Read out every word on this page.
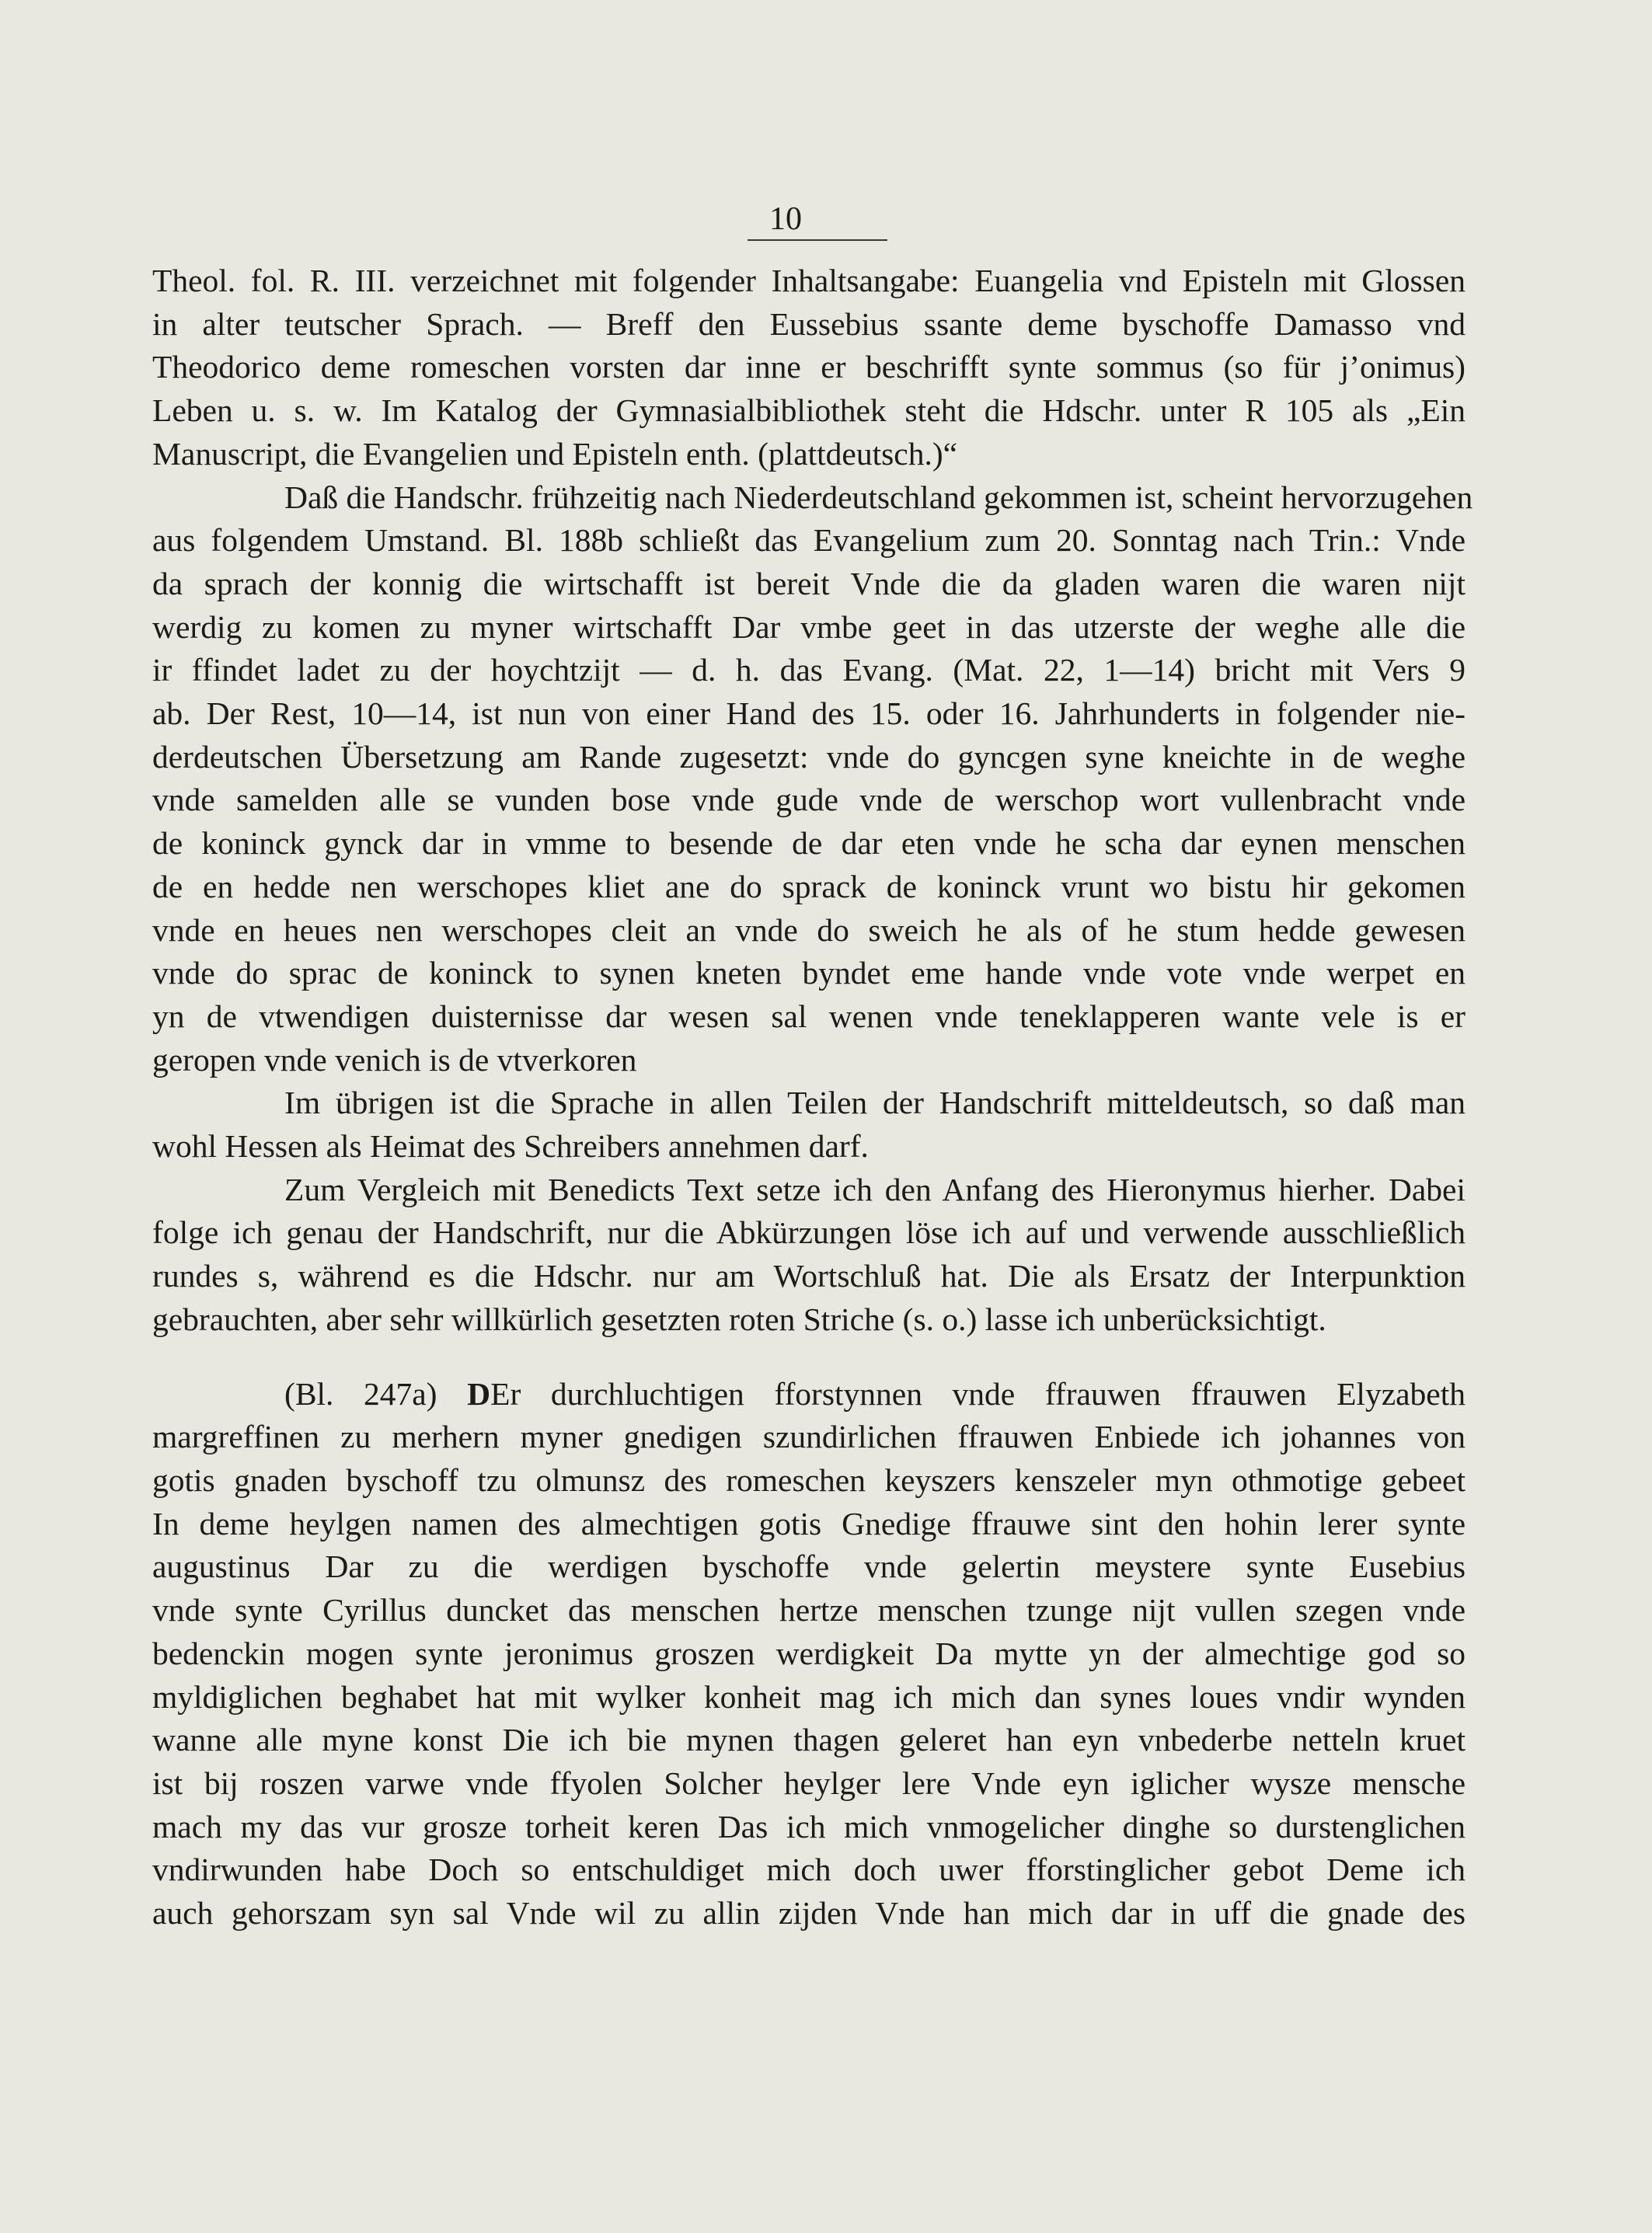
10

Theol. fol. R. III. verzeichnet mit folgender Inhaltsangabe: Euangelia vnd Episteln mit Glossen
in alter teutscher Sprach. — Breff den Eussebius ssante deme byschoffe Damasso vnd
Theodorico deme romeschen vorsten dar inne er beschrifft synte sommus (so für j’onimus)
Leben u. s. w. Im Katalog der Gymnasialbibliothek steht die Hdschr. unter R 105 als „Ein
Manuscript, die Evangelien und Episteln enth. (plattdeutsch.)“

Daß die Handschr. frühzeitig nach Niederdeutschland gekommen ist, scheint hervorzugehen
aus folgendem Umstand. Bl. 188b schließt das Evangelium zum 20. Sonntag nach Trin.: Vnde
da sprach der konnig die wirtschafft ist bereit Vnde die da gladen waren die waren nijt
werdig zu komen zu myner wirtschafft Dar vmbe geet in das utzerste der weghe alle die
ir ffindet ladet zu der hoychtzijt — d. h. das Evang. (Mat. 22, 1—14) bricht mit Vers 9
ab. Der Rest, 10—14, ist nun von einer Hand des 15. oder 16. Jahrhunderts in folgender nie-
derdeutschen Übersetzung am Rande zugesetzt: vnde do gyncgen syne kneichte in de weghe
vnde samelden alle se vunden bose vnde gude vnde de werschop wort vullenbracht vnde
de koninck gynck dar in vmme to besende de dar eten vnde he scha dar eynen menschen
de en hedde nen werschopes kliet ane do sprack de koninck vrunt wo bistu hir gekomen
vnde en heues nen werschopes cleit an vnde do sweich he als of he stum hedde gewesen
vnde do sprac de koninck to synen kneten byndet eme hande vnde vote vnde werpet en
yn de vtwendigen duisternisse dar wesen sal wenen vnde teneklapperen wante vele is er
geropen vnde venich is de vtverkoren

Im übrigen ist die Sprache in allen Teilen der Handschrift mitteldeutsch, so daß man
wohl Hessen als Heimat des Schreibers annehmen darf.

Zum Vergleich mit Benedicts Text setze ich den Anfang des Hieronymus hierher. Dabei
folge ich genau der Handschrift, nur die Abkürzungen löse ich auf und verwende ausschließlich
rundes s, während es die Hdschr. nur am Wortschluß hat. Die als Ersatz der Interpunktion
gebrauchten, aber sehr willkürlich gesetzten roten Striche (s. o.) lasse ich unberücksichtigt.

(Bl. 247a) DEr durchluchtigen fforstynnen vnde ffrauwen ffrauwen Elyzabeth
margreffinen zu merhern myner gnedigen szundirlichen ffrauwen Enbiede ich johannes von
gotis gnaden byschoff tzu olmunsz des romeschen keyszers kenszeler myn othmotige gebeet
In deme heylgen namen des almechtigen gotis Gnedige ffrauwe sint den hohin lerer synte
augustinus Dar zu die werdigen byschoffe vnde gelertin meystere synte Eusebius
vnde synte Cyrillus duncket das menschen hertze menschen tzunge nijt vullen szegen vnde
bedenckin mogen synte jeronimus groszen werdigkeit Da mytte yn der almechtige god so
myldiglichen beghabet hat mit wylker konheit mag ich mich dan synes loues vndir wynden
wanne alle myne konst Die ich bie mynen thagen geleret han eyn vnbederbe netteln kruet
ist bij roszen varwe vnde ffyolen Solcher heylger lere Vnde eyn iglicher wysze mensche
mach my das vur grosze torheit keren Das ich mich vnmogelicher dinghe so durstenglichen
vndirwunden habe Doch so entschuldiget mich doch uwer fforstinglicher gebot Deme ich
auch gehorszam syn sal Vnde wil zu allin zijden Vnde han mich dar in uff die gnade des
